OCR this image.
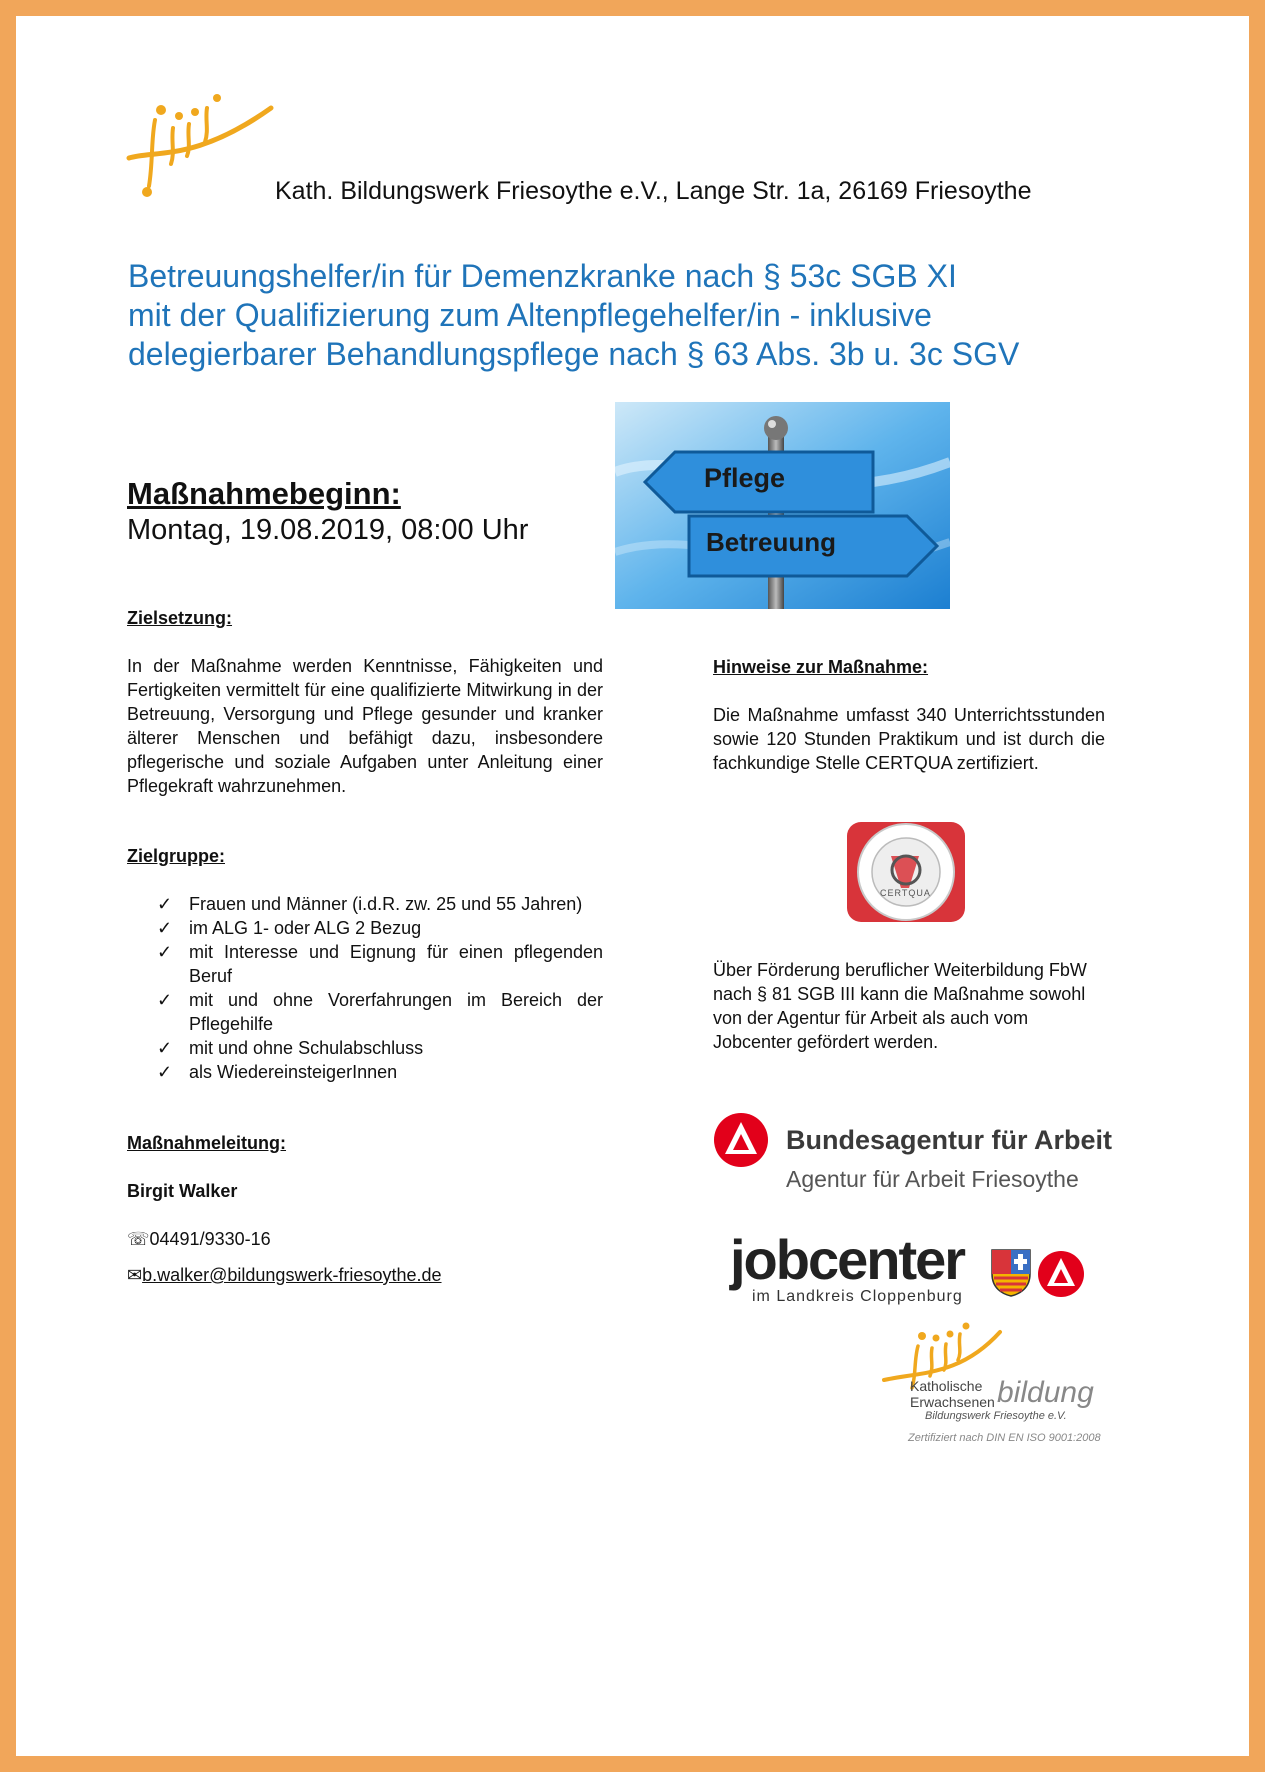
Kath. Bildungswerk Friesoythe e.V., Lange Str. 1a, 26169 Friesoythe
Betreuungshelfer/in für Demenzkranke nach § 53c SGB XI
mit der Qualifizierung zum Altenpflegehelfer/in - inklusive
delegierbarer Behandlungspflege nach § 63 Abs. 3b u. 3c SGV
Pflege
Betreuung
Maßnahmebeginn:
Montag, 19.08.2019, 08:00 Uhr
Zielsetzung:
In der Maßnahme werden Kenntnisse, Fähigkeiten und Fertigkeiten vermittelt für eine qualifizierte Mitwirkung in der Betreuung, Versorgung und Pflege gesunder und kranker älterer Menschen und befähigt dazu, insbesondere pflegerische und soziale Aufgaben unter Anleitung einer Pflegekraft wahrzunehmen.
Zielgruppe:
✓ Frauen und Männer (i.d.R. zw. 25 und 55 Jahren)
✓ im ALG 1- oder ALG 2 Bezug
✓ mit Interesse und Eignung für einen pflegenden Beruf
✓ mit und ohne Vorerfahrungen im Bereich der Pflegehilfe
✓ mit und ohne Schulabschluss
✓ als WiedereinsteigerInnen
Maßnahmeleitung:
Birgit Walker
☏04491/9330-16
✉b.walker@bildungswerk-friesoythe.de
Hinweise zur Maßnahme:
Die Maßnahme umfasst 340 Unterrichtsstunden sowie 120 Stunden Praktikum und ist durch die fachkundige Stelle CERTQUA zertifiziert.
CERTQUA
Über Förderung beruflicher Weiterbildung FbW nach § 81 SGB III kann die Maßnahme sowohl von der Agentur für Arbeit als auch vom Jobcenter gefördert werden.
Bundesagentur für Arbeit
Agentur für Arbeit Friesoythe
jobcenter
im Landkreis Cloppenburg
Katholische
Erwachsenen bildung
Bildungswerk Friesoythe e.V.
Zertifiziert nach DIN EN ISO 9001:2008
